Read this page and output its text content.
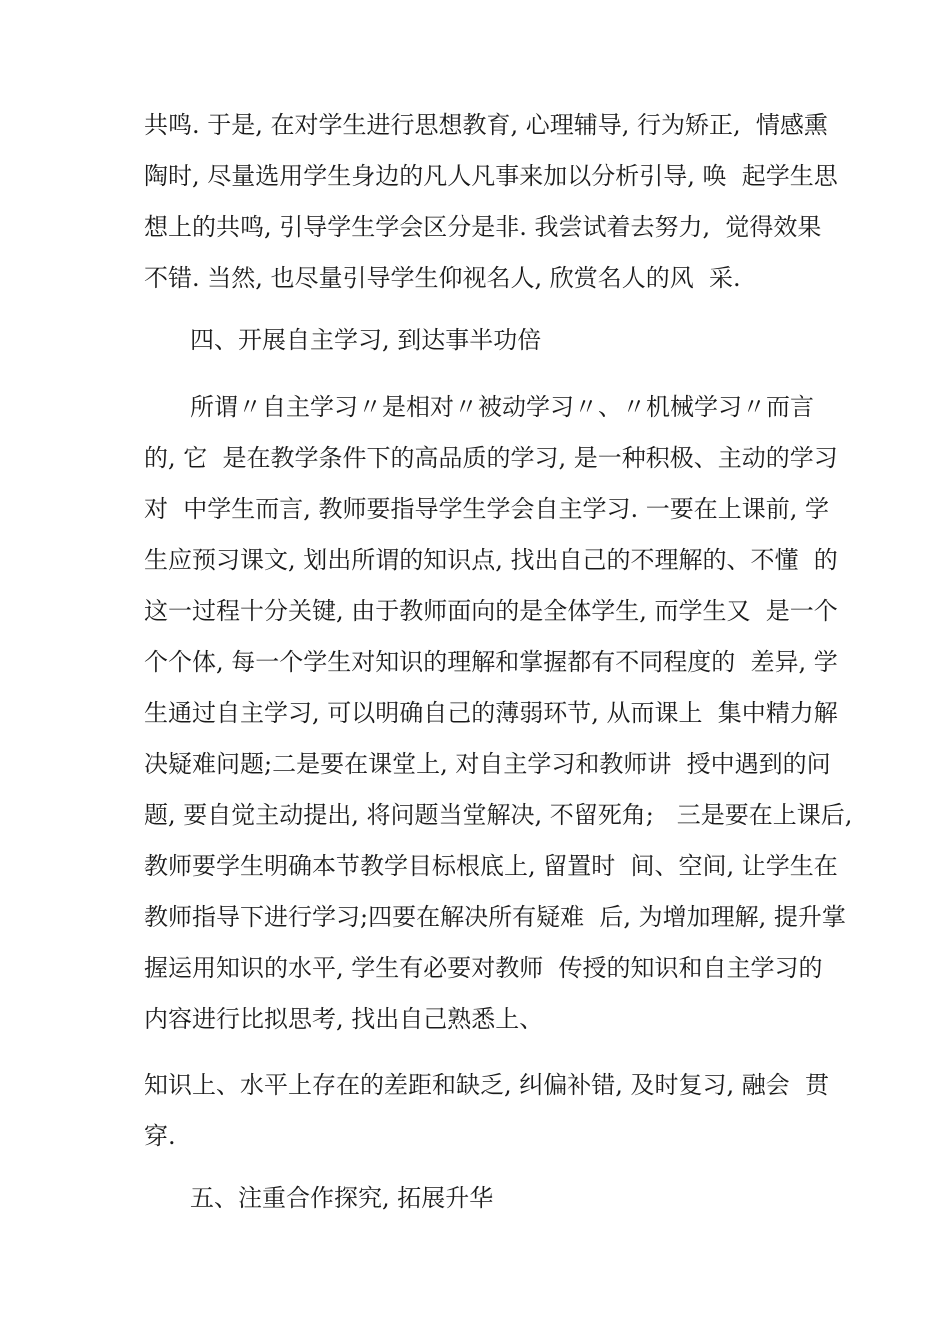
共鸣. 于是, 在对学生进行思想教育, 心理辅导, 行为矫正,  情感熏
陶时, 尽量选用学生身边的凡人凡事来加以分析引导, 唤  起学生思
想上的共鸣, 引导学生学会区分是非. 我尝试着去努力,  觉得效果
不错. 当然, 也尽量引导学生仰视名人, 欣赏名人的风  采.
四、开展自主学习, 到达事半功倍
所谓〃自主学习〃是相对〃被动学习〃、〃机械学习〃而言
的, 它  是在教学条件下的高品质的学习, 是一种积极、主动的学习
对  中学生而言, 教师要指导学生学会自主学习. 一要在上课前, 学
生应预习课文, 划出所谓的知识点, 找出自己的不理解的、不懂  的
这一过程十分关键, 由于教师面向的是全体学生, 而学生又  是一个
个个体, 每一个学生对知识的理解和掌握都有不同程度的  差异, 学
生通过自主学习, 可以明确自己的薄弱环节, 从而课上  集中精力解
决疑难问题;二是要在课堂上, 对自主学习和教师讲  授中遇到的问
题, 要自觉主动提出, 将问题当堂解决, 不留死角;   三是要在上课后,
教师要学生明确本节教学目标根底上, 留置时  间、空间, 让学生在
教师指导下进行学习;四要在解决所有疑难  后, 为增加理解, 提升掌
握运用知识的水平, 学生有必要对教师  传授的知识和自主学习的
内容进行比拟思考, 找出自己熟悉上、
知识上、水平上存在的差距和缺乏, 纠偏补错, 及时复习, 融会  贯
穿.
五、注重合作探究, 拓展升华
